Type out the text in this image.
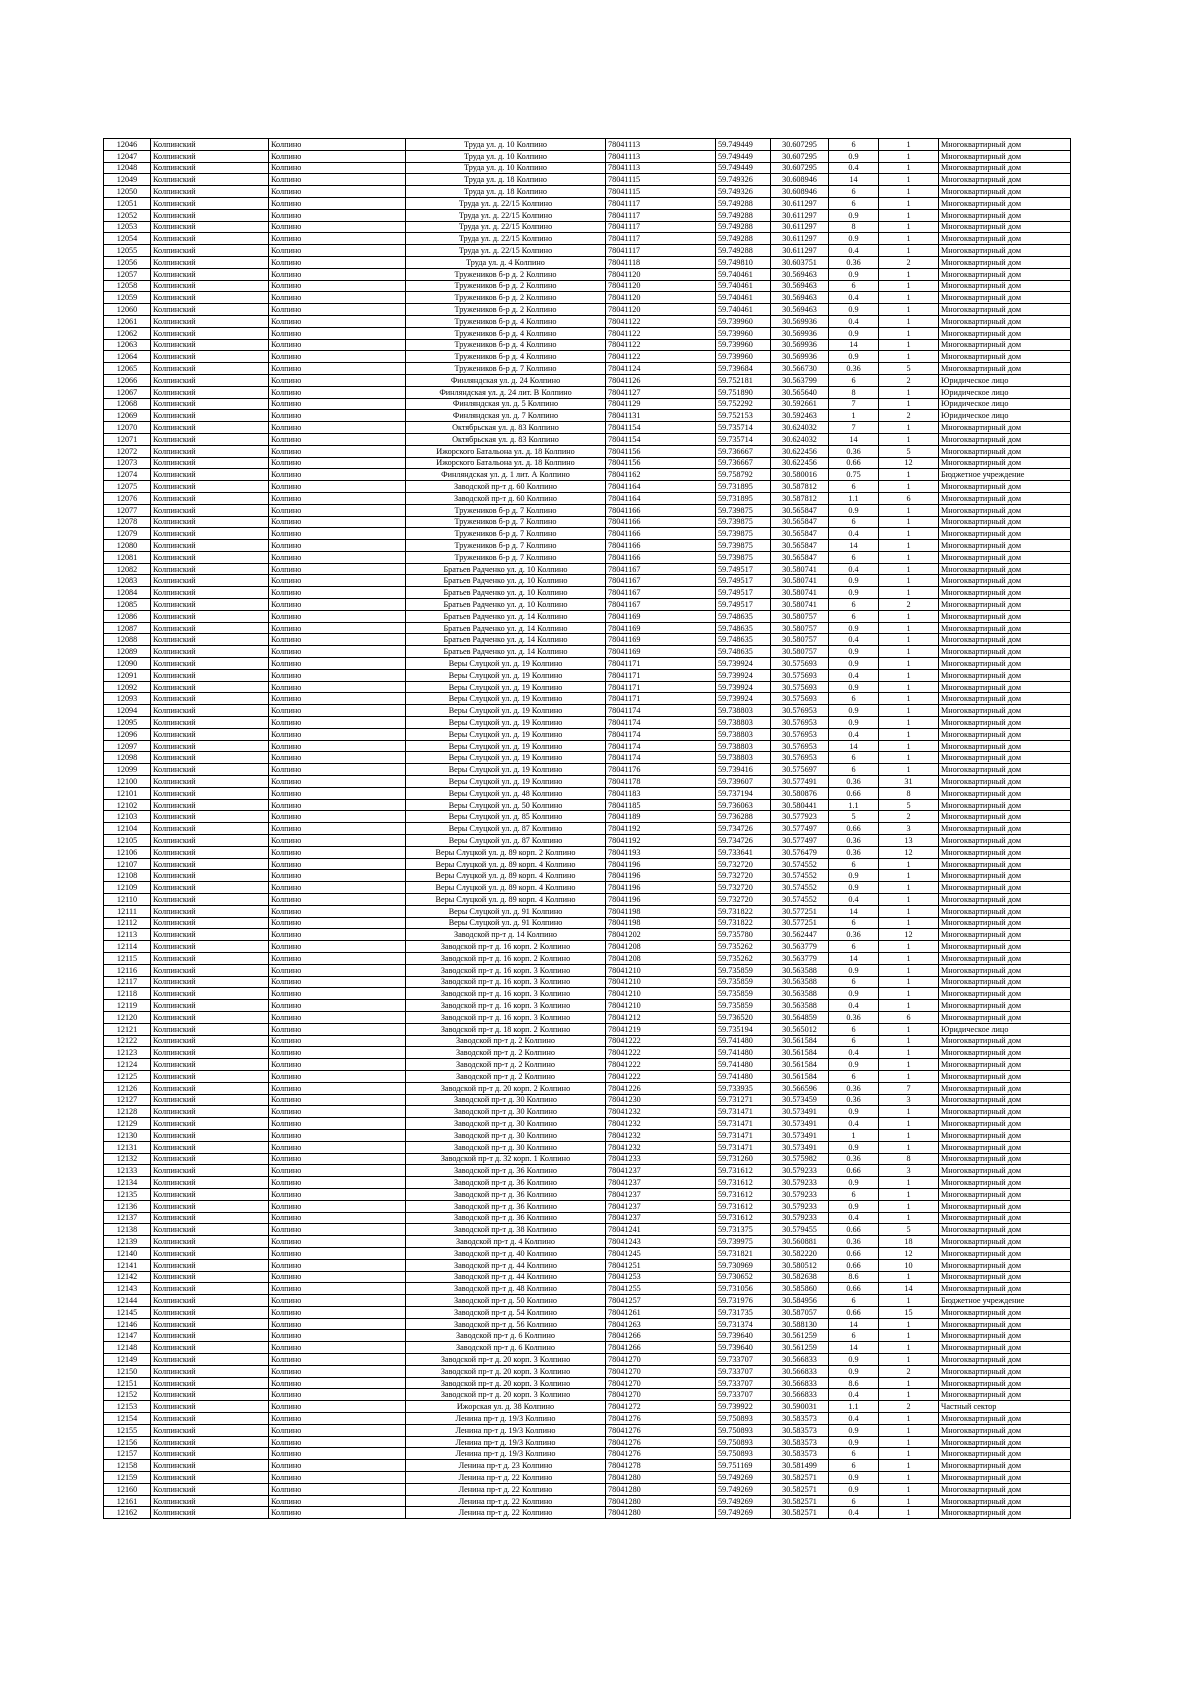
12046	Колпинский	Колпино	Труда ул. д. 10 Колпино	78041113	59.749449	30.607295	6	1	Многоквартирный дом
12047	Колпинский	Колпино	Труда ул. д. 10 Колпино	78041113	59.749449	30.607295	0.9	1	Многоквартирный дом
12048	Колпинский	Колпино	Труда ул. д. 10 Колпино	78041113	59.749449	30.607295	0.4	1	Многоквартирный дом
12049	Колпинский	Колпино	Труда ул. д. 18 Колпино	78041115	59.749326	30.608946	14	1	Многоквартирный дом
12050	Колпинский	Колпино	Труда ул. д. 18 Колпино	78041115	59.749326	30.608946	6	1	Многоквартирный дом
12051	Колпинский	Колпино	Труда ул. д. 22/15 Колпино	78041117	59.749288	30.611297	6	1	Многоквартирный дом
12052	Колпинский	Колпино	Труда ул. д. 22/15 Колпино	78041117	59.749288	30.611297	0.9	1	Многоквартирный дом
12053	Колпинский	Колпино	Труда ул. д. 22/15 Колпино	78041117	59.749288	30.611297	8	1	Многоквартирный дом
12054	Колпинский	Колпино	Труда ул. д. 22/15 Колпино	78041117	59.749288	30.611297	0.9	1	Многоквартирный дом
12055	Колпинский	Колпино	Труда ул. д. 22/15 Колпино	78041117	59.749288	30.611297	0.4	1	Многоквартирный дом
12056	Колпинский	Колпино	Труда ул. д. 4 Колпино	78041118	59.749810	30.603751	0.36	2	Многоквартирный дом
12057	Колпинский	Колпино	Тружеников б-р д. 2 Колпино	78041120	59.740461	30.569463	0.9	1	Многоквартирный дом
12058	Колпинский	Колпино	Тружеников б-р д. 2 Колпино	78041120	59.740461	30.569463	6	1	Многоквартирный дом
12059	Колпинский	Колпино	Тружеников б-р д. 2 Колпино	78041120	59.740461	30.569463	0.4	1	Многоквартирный дом
12060	Колпинский	Колпино	Тружеников б-р д. 2 Колпино	78041120	59.740461	30.569463	0.9	1	Многоквартирный дом
12061	Колпинский	Колпино	Тружеников б-р д. 4 Колпино	78041122	59.739960	30.569936	0.4	1	Многоквартирный дом
12062	Колпинский	Колпино	Тружеников б-р д. 4 Колпино	78041122	59.739960	30.569936	0.9	1	Многоквартирный дом
12063	Колпинский	Колпино	Тружеников б-р д. 4 Колпино	78041122	59.739960	30.569936	14	1	Многоквартирный дом
12064	Колпинский	Колпино	Тружеников б-р д. 4 Колпино	78041122	59.739960	30.569936	0.9	1	Многоквартирный дом
12065	Колпинский	Колпино	Тружеников б-р д. 7 Колпино	78041124	59.739684	30.566730	0.36	5	Многоквартирный дом
12066	Колпинский	Колпино	Финляндская ул. д. 24 Колпино	78041126	59.752181	30.563799	6	2	Юридическое лицо
12067	Колпинский	Колпино	Финляндская ул. д. 24 лит. В Колпино	78041127	59.751890	30.565640	8	1	Юридическое лицо
12068	Колпинский	Колпино	Финляндская ул. д. 5 Колпино	78041129	59.752292	30.592661	7	1	Юридическое лицо
12069	Колпинский	Колпино	Финляндская ул. д. 7 Колпино	78041131	59.752153	30.592463	1	2	Юридическое лицо
12070	Колпинский	Колпино	Октябрьская ул. д. 83 Колпино	78041154	59.735714	30.624032	7	1	Многоквартирный дом
12071	Колпинский	Колпино	Октябрьская ул. д. 83 Колпино	78041154	59.735714	30.624032	14	1	Многоквартирный дом
12072	Колпинский	Колпино	Ижорского Батальона ул. д. 18 Колпино	78041156	59.736667	30.622456	0.36	5	Многоквартирный дом
12073	Колпинский	Колпино	Ижорского Батальона ул. д. 18 Колпино	78041156	59.736667	30.622456	0.66	12	Многоквартирный дом
12074	Колпинский	Колпино	Финляндская ул. д. 1 лит. А Колпино	78041162	59.758792	30.580016	0.75	1	Бюджетное учреждение
12075	Колпинский	Колпино	Заводской пр-т д. 60 Колпино	78041164	59.731895	30.587812	6	1	Многоквартирный дом
12076	Колпинский	Колпино	Заводской пр-т д. 60 Колпино	78041164	59.731895	30.587812	1.1	6	Многоквартирный дом
12077	Колпинский	Колпино	Тружеников б-р д. 7 Колпино	78041166	59.739875	30.565847	0.9	1	Многоквартирный дом
12078	Колпинский	Колпино	Тружеников б-р д. 7 Колпино	78041166	59.739875	30.565847	6	1	Многоквартирный дом
12079	Колпинский	Колпино	Тружеников б-р д. 7 Колпино	78041166	59.739875	30.565847	0.4	1	Многоквартирный дом
12080	Колпинский	Колпино	Тружеников б-р д. 7 Колпино	78041166	59.739875	30.565847	14	1	Многоквартирный дом
12081	Колпинский	Колпино	Тружеников б-р д. 7 Колпино	78041166	59.739875	30.565847	6	1	Многоквартирный дом
12082	Колпинский	Колпино	Братьев Радченко ул. д. 10 Колпино	78041167	59.749517	30.580741	0.4	1	Многоквартирный дом
12083	Колпинский	Колпино	Братьев Радченко ул. д. 10 Колпино	78041167	59.749517	30.580741	0.9	1	Многоквартирный дом
12084	Колпинский	Колпино	Братьев Радченко ул. д. 10 Колпино	78041167	59.749517	30.580741	0.9	1	Многоквартирный дом
12085	Колпинский	Колпино	Братьев Радченко ул. д. 10 Колпино	78041167	59.749517	30.580741	6	2	Многоквартирный дом
12086	Колпинский	Колпино	Братьев Радченко ул. д. 14 Колпино	78041169	59.748635	30.580757	6	1	Многоквартирный дом
12087	Колпинский	Колпино	Братьев Радченко ул. д. 14 Колпино	78041169	59.748635	30.580757	0.9	1	Многоквартирный дом
12088	Колпинский	Колпино	Братьев Радченко ул. д. 14 Колпино	78041169	59.748635	30.580757	0.4	1	Многоквартирный дом
12089	Колпинский	Колпино	Братьев Радченко ул. д. 14 Колпино	78041169	59.748635	30.580757	0.9	1	Многоквартирный дом
12090	Колпинский	Колпино	Веры Слуцкой ул. д. 19 Колпино	78041171	59.739924	30.575693	0.9	1	Многоквартирный дом
12091	Колпинский	Колпино	Веры Слуцкой ул. д. 19 Колпино	78041171	59.739924	30.575693	0.4	1	Многоквартирный дом
12092	Колпинский	Колпино	Веры Слуцкой ул. д. 19 Колпино	78041171	59.739924	30.575693	0.9	1	Многоквартирный дом
12093	Колпинский	Колпино	Веры Слуцкой ул. д. 19 Колпино	78041171	59.739924	30.575693	6	1	Многоквартирный дом
12094	Колпинский	Колпино	Веры Слуцкой ул. д. 19 Колпино	78041174	59.738803	30.576953	0.9	1	Многоквартирный дом
12095	Колпинский	Колпино	Веры Слуцкой ул. д. 19 Колпино	78041174	59.738803	30.576953	0.9	1	Многоквартирный дом
12096	Колпинский	Колпино	Веры Слуцкой ул. д. 19 Колпино	78041174	59.738803	30.576953	0.4	1	Многоквартирный дом
12097	Колпинский	Колпино	Веры Слуцкой ул. д. 19 Колпино	78041174	59.738803	30.576953	14	1	Многоквартирный дом
12098	Колпинский	Колпино	Веры Слуцкой ул. д. 19 Колпино	78041174	59.738803	30.576953	6	1	Многоквартирный дом
12099	Колпинский	Колпино	Веры Слуцкой ул. д. 19 Колпино	78041176	59.739416	30.575697	6	1	Многоквартирный дом
12100	Колпинский	Колпино	Веры Слуцкой ул. д. 19 Колпино	78041178	59.739607	30.577491	0.36	31	Многоквартирный дом
12101	Колпинский	Колпино	Веры Слуцкой ул. д. 48 Колпино	78041183	59.737194	30.580876	0.66	8	Многоквартирный дом
12102	Колпинский	Колпино	Веры Слуцкой ул. д. 50 Колпино	78041185	59.736063	30.580441	1.1	5	Многоквартирный дом
12103	Колпинский	Колпино	Веры Слуцкой ул. д. 85 Колпино	78041189	59.736288	30.577923	5	2	Многоквартирный дом
12104	Колпинский	Колпино	Веры Слуцкой ул. д. 87 Колпино	78041192	59.734726	30.577497	0.66	3	Многоквартирный дом
12105	Колпинский	Колпино	Веры Слуцкой ул. д. 87 Колпино	78041192	59.734726	30.577497	0.36	13	Многоквартирный дом
12106	Колпинский	Колпино	Веры Слуцкой ул. д. 89 корп. 2 Колпино	78041193	59.733641	30.576479	0.36	12	Многоквартирный дом
12107	Колпинский	Колпино	Веры Слуцкой ул. д. 89 корп. 4 Колпино	78041196	59.732720	30.574552	6	1	Многоквартирный дом
12108	Колпинский	Колпино	Веры Слуцкой ул. д. 89 корп. 4 Колпино	78041196	59.732720	30.574552	0.9	1	Многоквартирный дом
12109	Колпинский	Колпино	Веры Слуцкой ул. д. 89 корп. 4 Колпино	78041196	59.732720	30.574552	0.9	1	Многоквартирный дом
12110	Колпинский	Колпино	Веры Слуцкой ул. д. 89 корп. 4 Колпино	78041196	59.732720	30.574552	0.4	1	Многоквартирный дом
12111	Колпинский	Колпино	Веры Слуцкой ул. д. 91 Колпино	78041198	59.731822	30.577251	14	1	Многоквартирный дом
12112	Колпинский	Колпино	Веры Слуцкой ул. д. 91 Колпино	78041198	59.731822	30.577251	6	1	Многоквартирный дом
12113	Колпинский	Колпино	Заводской пр-т д. 14 Колпино	78041202	59.735780	30.562447	0.36	12	Многоквартирный дом
12114	Колпинский	Колпино	Заводской пр-т д. 16 корп. 2 Колпино	78041208	59.735262	30.563779	6	1	Многоквартирный дом
12115	Колпинский	Колпино	Заводской пр-т д. 16 корп. 2 Колпино	78041208	59.735262	30.563779	14	1	Многоквартирный дом
12116	Колпинский	Колпино	Заводской пр-т д. 16 корп. 3 Колпино	78041210	59.735859	30.563588	0.9	1	Многоквартирный дом
12117	Колпинский	Колпино	Заводской пр-т д. 16 корп. 3 Колпино	78041210	59.735859	30.563588	6	1	Многоквартирный дом
12118	Колпинский	Колпино	Заводской пр-т д. 16 корп. 3 Колпино	78041210	59.735859	30.563588	0.9	1	Многоквартирный дом
12119	Колпинский	Колпино	Заводской пр-т д. 16 корп. 3 Колпино	78041210	59.735859	30.563588	0.4	1	Многоквартирный дом
12120	Колпинский	Колпино	Заводской пр-т д. 16 корп. 3 Колпино	78041212	59.736520	30.564859	0.36	6	Многоквартирный дом
12121	Колпинский	Колпино	Заводской пр-т д. 18 корп. 2 Колпино	78041219	59.735194	30.565012	6	1	Юридическое лицо
12122	Колпинский	Колпино	Заводской пр-т д. 2 Колпино	78041222	59.741480	30.561584	6	1	Многоквартирный дом
12123	Колпинский	Колпино	Заводской пр-т д. 2 Колпино	78041222	59.741480	30.561584	0.4	1	Многоквартирный дом
12124	Колпинский	Колпино	Заводской пр-т д. 2 Колпино	78041222	59.741480	30.561584	0.9	1	Многоквартирный дом
12125	Колпинский	Колпино	Заводской пр-т д. 2 Колпино	78041222	59.741480	30.561584	6	1	Многоквартирный дом
12126	Колпинский	Колпино	Заводской пр-т д. 20 корп. 2 Колпино	78041226	59.733935	30.566596	0.36	7	Многоквартирный дом
12127	Колпинский	Колпино	Заводской пр-т д. 30 Колпино	78041230	59.731271	30.573459	0.36	3	Многоквартирный дом
12128	Колпинский	Колпино	Заводской пр-т д. 30 Колпино	78041232	59.731471	30.573491	0.9	1	Многоквартирный дом
12129	Колпинский	Колпино	Заводской пр-т д. 30 Колпино	78041232	59.731471	30.573491	0.4	1	Многоквартирный дом
12130	Колпинский	Колпино	Заводской пр-т д. 30 Колпино	78041232	59.731471	30.573491	1	1	Многоквартирный дом
12131	Колпинский	Колпино	Заводской пр-т д. 30 Колпино	78041232	59.731471	30.573491	0.9	1	Многоквартирный дом
12132	Колпинский	Колпино	Заводской пр-т д. 32 корп. 1 Колпино	78041233	59.731260	30.575982	0.36	8	Многоквартирный дом
12133	Колпинский	Колпино	Заводской пр-т д. 36 Колпино	78041237	59.731612	30.579233	0.66	3	Многоквартирный дом
12134	Колпинский	Колпино	Заводской пр-т д. 36 Колпино	78041237	59.731612	30.579233	0.9	1	Многоквартирный дом
12135	Колпинский	Колпино	Заводской пр-т д. 36 Колпино	78041237	59.731612	30.579233	6	1	Многоквартирный дом
12136	Колпинский	Колпино	Заводской пр-т д. 36 Колпино	78041237	59.731612	30.579233	0.9	1	Многоквартирный дом
12137	Колпинский	Колпино	Заводской пр-т д. 36 Колпино	78041237	59.731612	30.579233	0.4	1	Многоквартирный дом
12138	Колпинский	Колпино	Заводской пр-т д. 38 Колпино	78041241	59.731375	30.579455	0.66	5	Многоквартирный дом
12139	Колпинский	Колпино	Заводской пр-т д. 4 Колпино	78041243	59.739975	30.560881	0.36	18	Многоквартирный дом
12140	Колпинский	Колпино	Заводской пр-т д. 40 Колпино	78041245	59.731821	30.582220	0.66	12	Многоквартирный дом
12141	Колпинский	Колпино	Заводской пр-т д. 44 Колпино	78041251	59.730969	30.580512	0.66	10	Многоквартирный дом
12142	Колпинский	Колпино	Заводской пр-т д. 44 Колпино	78041253	59.730652	30.582638	8.6	1	Многоквартирный дом
12143	Колпинский	Колпино	Заводской пр-т д. 48 Колпино	78041255	59.731056	30.585860	0.66	14	Многоквартирный дом
12144	Колпинский	Колпино	Заводской пр-т д. 50 Колпино	78041257	59.731976	30.584956	6	1	Бюджетное учреждение
12145	Колпинский	Колпино	Заводской пр-т д. 54 Колпино	78041261	59.731735	30.587057	0.66	15	Многоквартирный дом
12146	Колпинский	Колпино	Заводской пр-т д. 56 Колпино	78041263	59.731374	30.588130	14	1	Многоквартирный дом
12147	Колпинский	Колпино	Заводской пр-т д. 6 Колпино	78041266	59.739640	30.561259	6	1	Многоквартирный дом
12148	Колпинский	Колпино	Заводской пр-т д. 6 Колпино	78041266	59.739640	30.561259	14	1	Многоквартирный дом
12149	Колпинский	Колпино	Заводской пр-т д. 20 корп. 3 Колпино	78041270	59.733707	30.566833	0.9	1	Многоквартирный дом
12150	Колпинский	Колпино	Заводской пр-т д. 20 корп. 3 Колпино	78041270	59.733707	30.566833	0.9	2	Многоквартирный дом
12151	Колпинский	Колпино	Заводской пр-т д. 20 корп. 3 Колпино	78041270	59.733707	30.566833	8.6	1	Многоквартирный дом
12152	Колпинский	Колпино	Заводской пр-т д. 20 корп. 3 Колпино	78041270	59.733707	30.566833	0.4	1	Многоквартирный дом
12153	Колпинский	Колпино	Ижорская ул. д. 38 Колпино	78041272	59.739922	30.590031	1.1	2	Частный сектор
12154	Колпинский	Колпино	Ленина пр-т д. 19/3 Колпино	78041276	59.750893	30.583573	0.4	1	Многоквартирный дом
12155	Колпинский	Колпино	Ленина пр-т д. 19/3 Колпино	78041276	59.750893	30.583573	0.9	1	Многоквартирный дом
12156	Колпинский	Колпино	Ленина пр-т д. 19/3 Колпино	78041276	59.750893	30.583573	0.9	1	Многоквартирный дом
12157	Колпинский	Колпино	Ленина пр-т д. 19/3 Колпино	78041276	59.750893	30.583573	6	1	Многоквартирный дом
12158	Колпинский	Колпино	Ленина пр-т д. 23 Колпино	78041278	59.751169	30.581499	6	1	Многоквартирный дом
12159	Колпинский	Колпино	Ленина пр-т д. 22 Колпино	78041280	59.749269	30.582571	0.9	1	Многоквартирный дом
12160	Колпинский	Колпино	Ленина пр-т д. 22 Колпино	78041280	59.749269	30.582571	0.9	1	Многоквартирный дом
12161	Колпинский	Колпино	Ленина пр-т д. 22 Колпино	78041280	59.749269	30.582571	6	1	Многоквартирный дом
12162	Колпинский	Колпино	Ленина пр-т д. 22 Колпино	78041280	59.749269	30.582571	0.4	1	Многоквартирный дом
